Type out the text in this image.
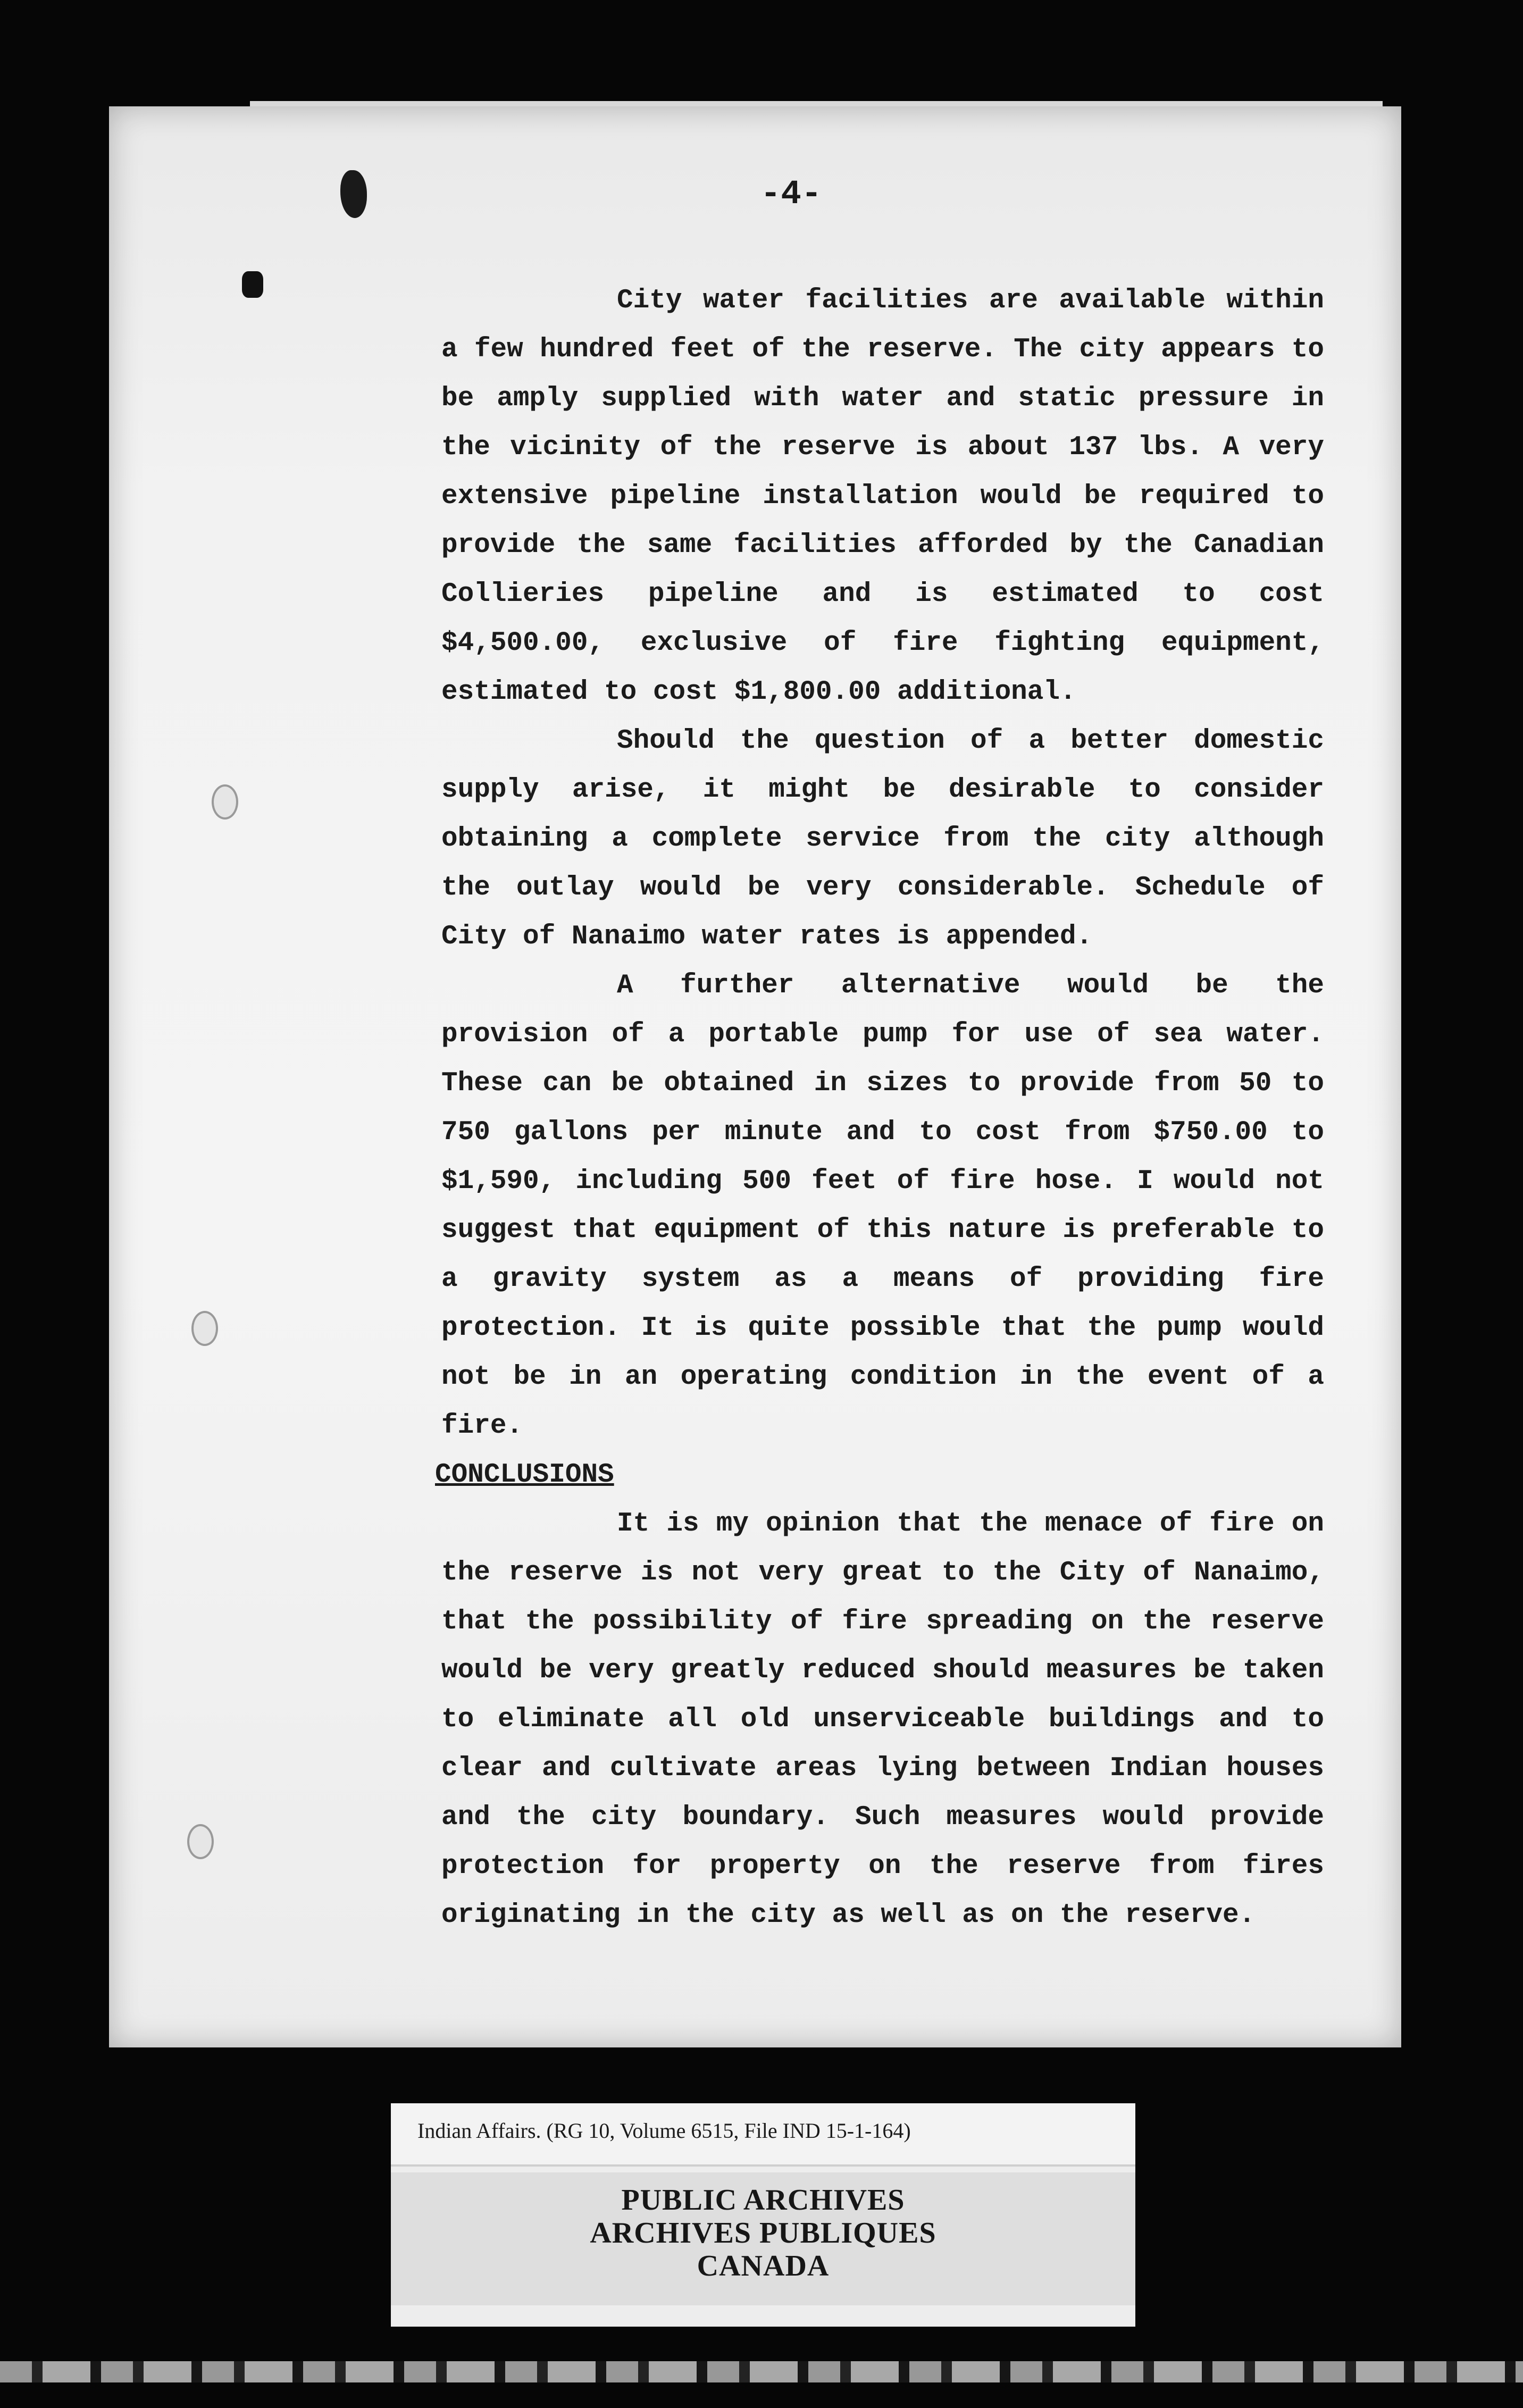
-4-

City water facilities are available within a few hundred feet of the reserve. The city appears to be amply supplied with water and static pressure in the vicinity of the reserve is about 137 lbs. A very extensive pipeline installation would be required to provide the same facilities afforded by the Canadian Collieries pipeline and is estimated to cost $4,500.00, exclusive of fire fighting equipment, estimated to cost $1,800.00 additional.

Should the question of a better domestic supply arise, it might be desirable to consider obtaining a complete service from the city although the outlay would be very considerable. Schedule of City of Nanaimo water rates is appended.

A further alternative would be the provision of a portable pump for use of sea water. These can be obtained in sizes to provide from 50 to 750 gallons per minute and to cost from $750.00 to $1,590, including 500 feet of fire hose. I would not suggest that equipment of this nature is preferable to a gravity system as a means of providing fire protection. It is quite possible that the pump would not be in an operating condition in the event of a fire.

CONCLUSIONS

It is my opinion that the menace of fire on the reserve is not very great to the City of Nanaimo, that the possibility of fire spreading on the reserve would be very greatly reduced should measures be taken to eliminate all old unserviceable buildings and to clear and cultivate areas lying between Indian houses and the city boundary. Such measures would provide protection for property on the reserve from fires originating in the city as well as on the reserve.

Indian Affairs. (RG 10, Volume 6515, File IND 15-1-164)
PUBLIC ARCHIVES
ARCHIVES PUBLIQUES
CANADA
